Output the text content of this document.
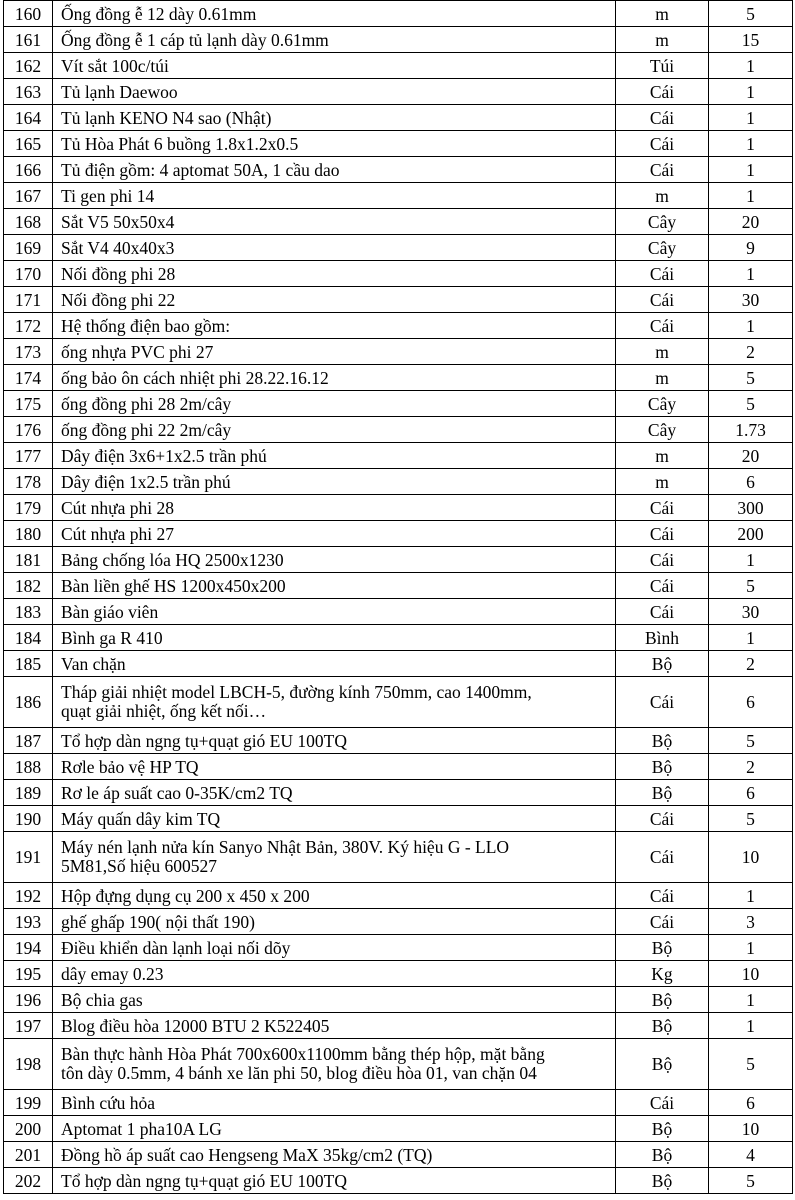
160	Ống đồng ễ 12 dày 0.61mm	m	5
161	Ống đồng ễ 1 cáp tủ lạnh dày 0.61mm	m	15
162	Vít sắt 100c/túi	Túi	1
163	Tủ lạnh Daewoo	Cái	1
164	Tủ lạnh KENO N4 sao (Nhật)	Cái	1
165	Tủ Hòa Phát 6 buồng 1.8x1.2x0.5	Cái	1
166	Tủ điện gồm: 4 aptomat 50A, 1 cầu dao	Cái	1
167	Ti gen phi 14	m	1
168	Sắt V5 50x50x4	Cây	20
169	Sắt V4 40x40x3	Cây	9
170	Nối đồng phi 28	Cái	1
171	Nối đồng phi 22	Cái	30
172	Hệ thống điện bao gồm:	Cái	1
173	ống nhựa PVC phi 27	m	2
174	ống bảo ôn cách nhiệt phi 28.22.16.12	m	5
175	ống đồng phi 28 2m/cây	Cây	5
176	ống đồng phi 22 2m/cây	Cây	1.73
177	Dây điện 3x6+1x2.5 trần phú	m	20
178	Dây điện 1x2.5 trần phú	m	6
179	Cút nhựa phi 28	Cái	300
180	Cút nhựa phi 27	Cái	200
181	Bảng chống lóa HQ 2500x1230	Cái	1
182	Bàn liền ghế HS 1200x450x200	Cái	5
183	Bàn giáo viên	Cái	30
184	Bình ga R 410	Bình	1
185	Van chặn	Bộ	2
186	Tháp giải nhiệt model LBCH-5, đường kính 750mm, cao 1400mm,
quạt giải nhiệt, ống kết nối…	Cái	6
187	Tổ hợp dàn ngng tụ+quạt gió EU 100TQ	Bộ	5
188	Rơle bảo vệ HP TQ	Bộ	2
189	Rơ le áp suất cao 0-35K/cm2 TQ	Bộ	6
190	Máy quấn dây kim TQ	Cái	5
191	Máy nén lạnh nửa kín Sanyo Nhật Bản, 380V. Ký hiệu G - LLO
5M81,Số hiệu 600527	Cái	10
192	Hộp đựng dụng cụ 200 x 450 x 200	Cái	1
193	ghế ghấp 190( nội thất 190)	Cái	3
194	Điều khiển dàn lạnh loại nối dõy	Bộ	1
195	dây emay 0.23	Kg	10
196	Bộ chia gas	Bộ	1
197	Blog điều hòa 12000 BTU 2 K522405	Bộ	1
198	Bàn thực hành Hòa Phát 700x600x1100mm bằng thép hộp, mặt bằng
tôn dày 0.5mm, 4 bánh xe lăn phi 50, blog điều hòa 01, van chặn 04	Bộ	5
199	Bình cứu hỏa	Cái	6
200	Aptomat 1 pha10A LG	Bộ	10
201	Đồng hồ áp suất cao Hengseng MaX 35kg/cm2 (TQ)	Bộ	4
202	Tổ hợp dàn ngng tụ+quạt gió EU 100TQ	Bộ	5
